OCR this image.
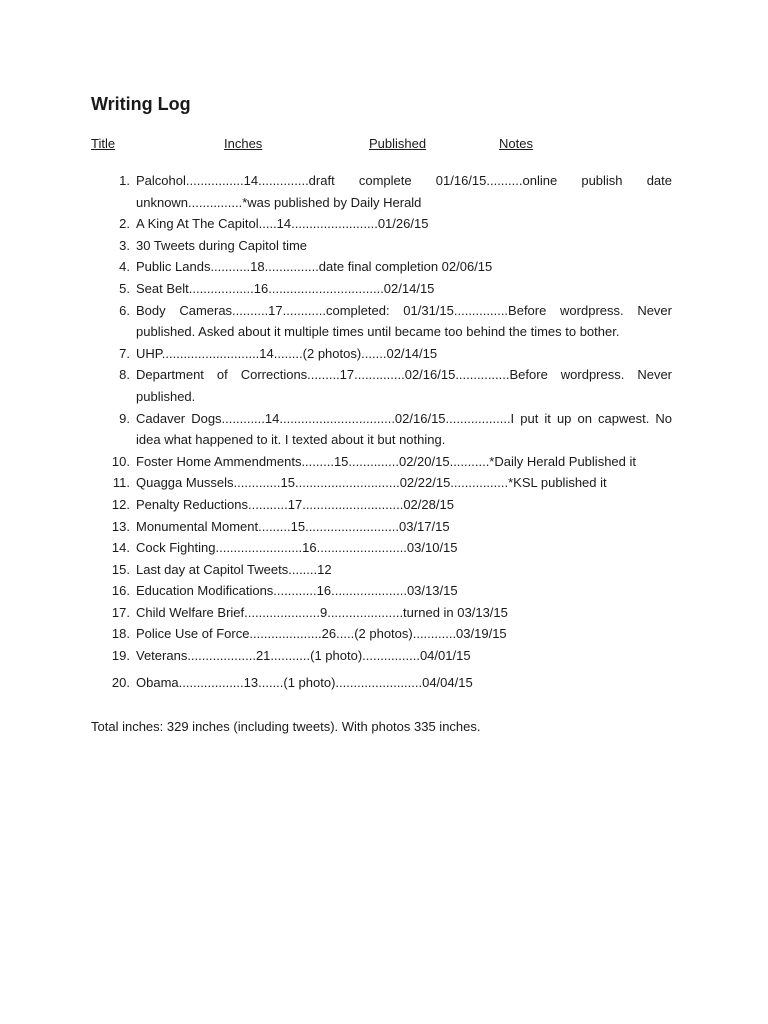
Writing Log
Title	Inches	Published	Notes
1. Palcohol................14..............draft complete 01/16/15..........online publish date unknown...............*was published by Daily Herald
2. A King At The Capitol.....14........................01/26/15
3. 30 Tweets during Capitol time
4. Public Lands...........18...............date final completion 02/06/15
5. Seat Belt..................16................................02/14/15
6. Body Cameras..........17............completed: 01/31/15...............Before wordpress. Never published. Asked about it multiple times until became too behind the times to bother.
7. UHP...........................14........(2 photos).......02/14/15
8. Department of Corrections.........17..............02/16/15...............Before wordpress. Never published.
9. Cadaver Dogs............14................................02/16/15..................I put it up on capwest. No idea what happened to it. I texted about it but nothing.
10. Foster Home Ammendments.........15..............02/20/15...........*Daily Herald Published it
11. Quagga Mussels.............15.............................02/22/15................*KSL published it
12. Penalty Reductions...........17............................02/28/15
13. Monumental Moment.........15..........................03/17/15
14. Cock Fighting........................16.........................03/10/15
15. Last day at Capitol Tweets........12
16. Education Modifications............16.....................03/13/15
17. Child Welfare Brief.....................9.....................turned in 03/13/15
18. Police Use of Force....................26.....(2 photos)............03/19/15
19. Veterans...................21...........(1 photo)................04/01/15
20. Obama..................13.......(1 photo)........................04/04/15
Total inches: 329 inches (including tweets). With photos 335 inches.
